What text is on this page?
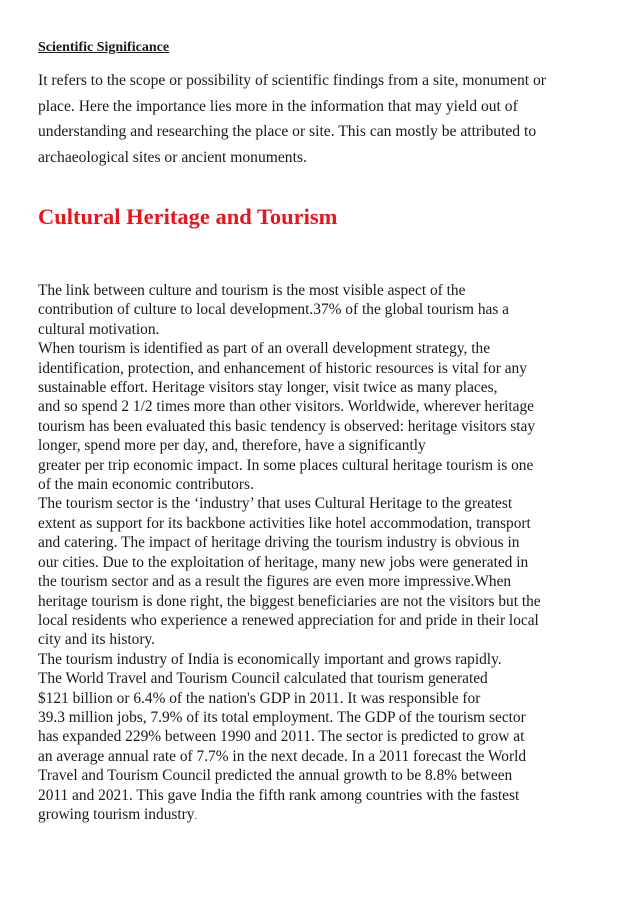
Scientific Significance
It refers to the scope or possibility of scientific findings from a site, monument or
place. Here the importance lies more in the information that may yield out of
understanding and researching the place or site. This can mostly be attributed to
archaeological sites or ancient monuments.
Cultural Heritage and Tourism
The link between culture and tourism is the most visible aspect of the
contribution of culture to local development.37% of the global tourism has a
cultural motivation.
When tourism is identified as part of an overall development strategy, the
identification, protection, and enhancement of historic resources is vital for any
sustainable effort. Heritage visitors stay longer, visit twice as many places,
and so spend 2 1/2 times more than other visitors. Worldwide, wherever heritage
tourism has been evaluated this basic tendency is observed: heritage visitors stay
longer, spend more per day, and, therefore, have a significantly
greater per trip economic impact. In some places cultural heritage tourism is one
of the main economic contributors.
The tourism sector is the ‘industry’ that uses Cultural Heritage to the greatest
extent as support for its backbone activities like hotel accommodation, transport
and catering. The impact of heritage driving the tourism industry is obvious in
our cities. Due to the exploitation of heritage, many new jobs were generated in
the tourism sector and as a result the figures are even more impressive.When
heritage tourism is done right, the biggest beneficiaries are not the visitors but the
local residents who experience a renewed appreciation for and pride in their local
city and its history.
The tourism industry of India is economically important and grows rapidly.
The World Travel and Tourism Council calculated that tourism generated
$121 billion or 6.4% of the nation's GDP in 2011. It was responsible for
39.3 million jobs, 7.9% of its total employment. The GDP of the tourism sector
has expanded 229% between 1990 and 2011. The sector is predicted to grow at
an average annual rate of 7.7% in the next decade. In a 2011 forecast the World
Travel and Tourism Council predicted the annual growth to be 8.8% between
2011 and 2021. This gave India the fifth rank among countries with the fastest
growing tourism industry.
